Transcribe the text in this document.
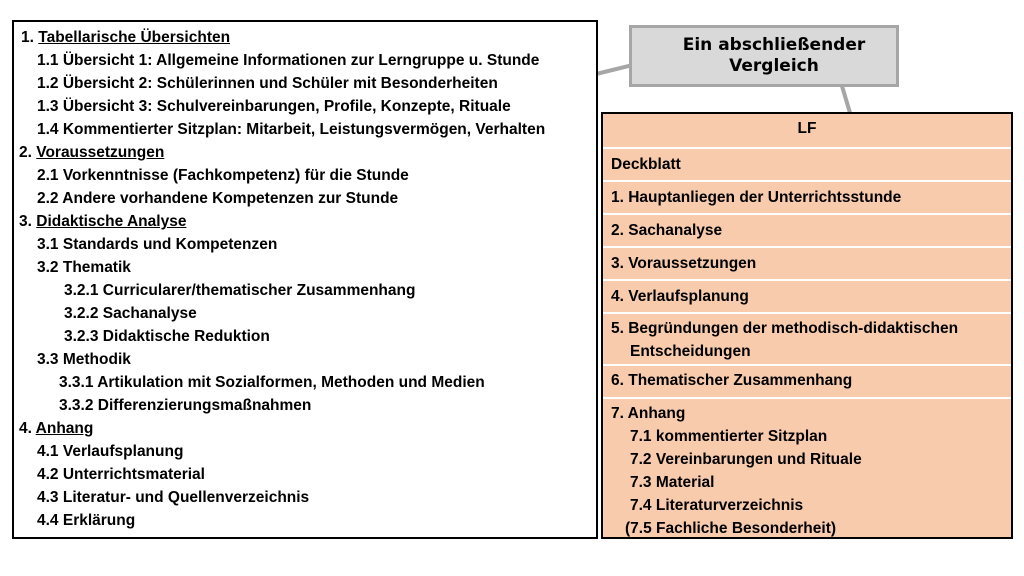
1. Tabellarische Übersichten
1.1 Übersicht 1: Allgemeine Informationen zur Lerngruppe u. Stunde
1.2 Übersicht 2: Schülerinnen und Schüler mit Besonderheiten
1.3 Übersicht 3: Schulvereinbarungen, Profile, Konzepte, Rituale
1.4 Kommentierter Sitzplan: Mitarbeit, Leistungsvermögen, Verhalten
2. Voraussetzungen
2.1 Vorkenntnisse (Fachkompetenz) für die Stunde
2.2 Andere vorhandene Kompetenzen zur Stunde
3. Didaktische Analyse
3.1 Standards und Kompetenzen
3.2 Thematik
3.2.1 Curricularer/thematischer Zusammenhang
3.2.2 Sachanalyse
3.2.3 Didaktische Reduktion
3.3 Methodik
3.3.1 Artikulation mit Sozialformen, Methoden und Medien
3.3.2 Differenzierungsmaßnahmen
4. Anhang
4.1 Verlaufsplanung
4.2 Unterrichtsmaterial
4.3 Literatur- und Quellenverzeichnis
4.4 Erklärung
Ein abschließender
Vergleich
LF
Deckblatt
1. Hauptanliegen der Unterrichtsstunde
2. Sachanalyse
3. Voraussetzungen
4. Verlaufsplanung
5. Begründungen der methodisch-didaktischen
Entscheidungen
6. Thematischer Zusammenhang
7. Anhang
7.1 kommentierter Sitzplan
7.2 Vereinbarungen und Rituale
7.3 Material
7.4 Literaturverzeichnis
(7.5 Fachliche Besonderheit)
